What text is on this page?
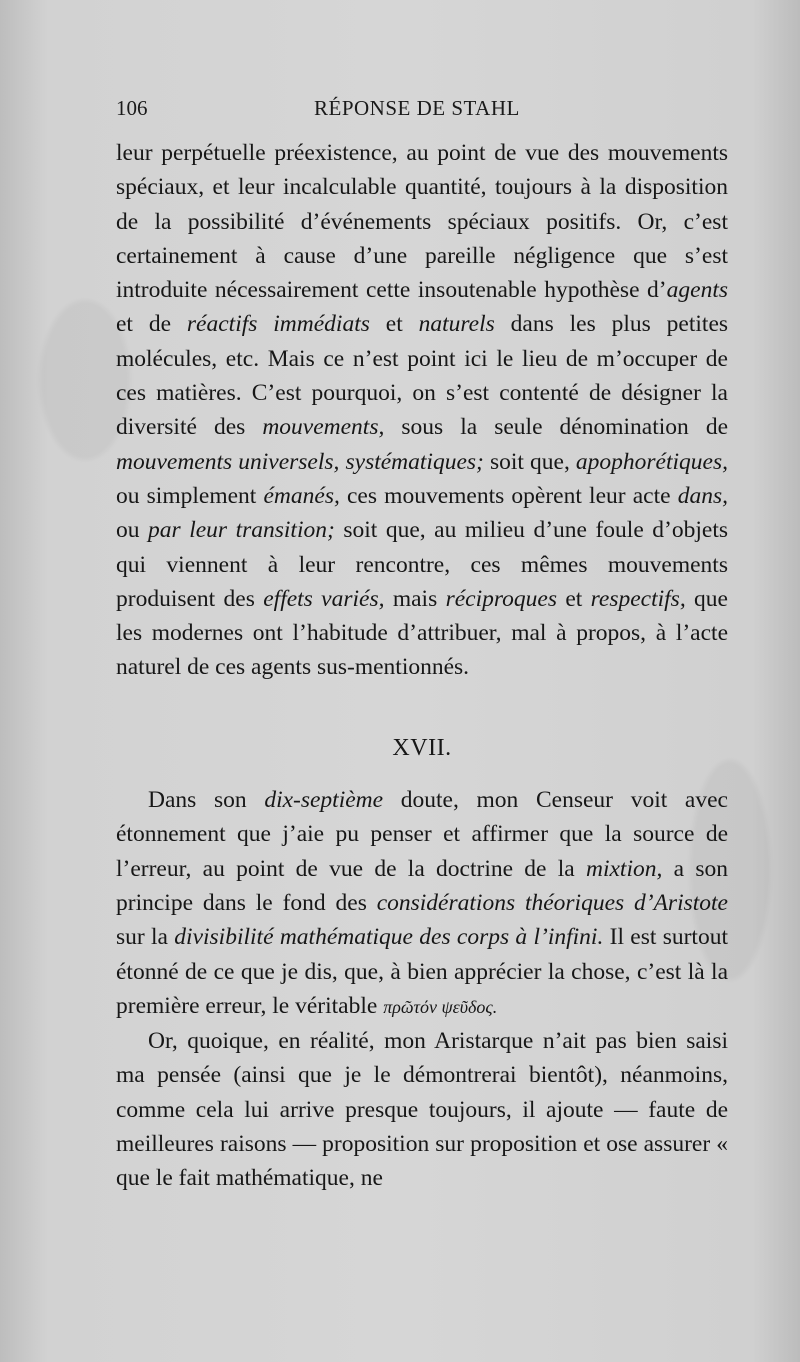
106	RÉPONSE DE STAHL

leur perpétuelle préexistence, au point de vue des mouvements spéciaux, et leur incalculable quantité, toujours à la disposition de la possibilité d’événements spéciaux positifs. Or, c’est certainement à cause d’une pareille négligence que s’est introduite nécessairement cette insoutenable hypothèse d’agents et de réactifs immédiats et naturels dans les plus petites molécules, etc. Mais ce n’est point ici le lieu de m’occuper de ces matières. C’est pourquoi, on s’est contenté de désigner la diversité des mouvements, sous la seule dénomination de mouvements universels, systématiques; soit que, apophorétiques, ou simplement émanés, ces mouvements opèrent leur acte dans, ou par leur transition; soit que, au milieu d’une foule d’objets qui viennent à leur rencontre, ces mêmes mouvements produisent des effets variés, mais réciproques et respectifs, que les modernes ont l’habitude d’attribuer, mal à propos, à l’acte naturel de ces agents sus-mentionnés.

XVII.

Dans son dix-septième doute, mon Censeur voit avec étonnement que j’aie pu penser et affirmer que la source de l’erreur, au point de vue de la doctrine de la mixtion, a son principe dans le fond des considérations théoriques d’Aristote sur la divisibilité mathématique des corps à l’infini. Il est surtout étonné de ce que je dis, que, à bien apprécier la chose, c’est là la première erreur, le véritable πρῶτόν ψεῦδος.

Or, quoique, en réalité, mon Aristarque n’ait pas bien saisi ma pensée (ainsi que je le démontrerai bientôt), néanmoins, comme cela lui arrive presque toujours, il ajoute — faute de meilleures raisons — proposition sur proposition et ose assurer « que le fait mathématique, ne
